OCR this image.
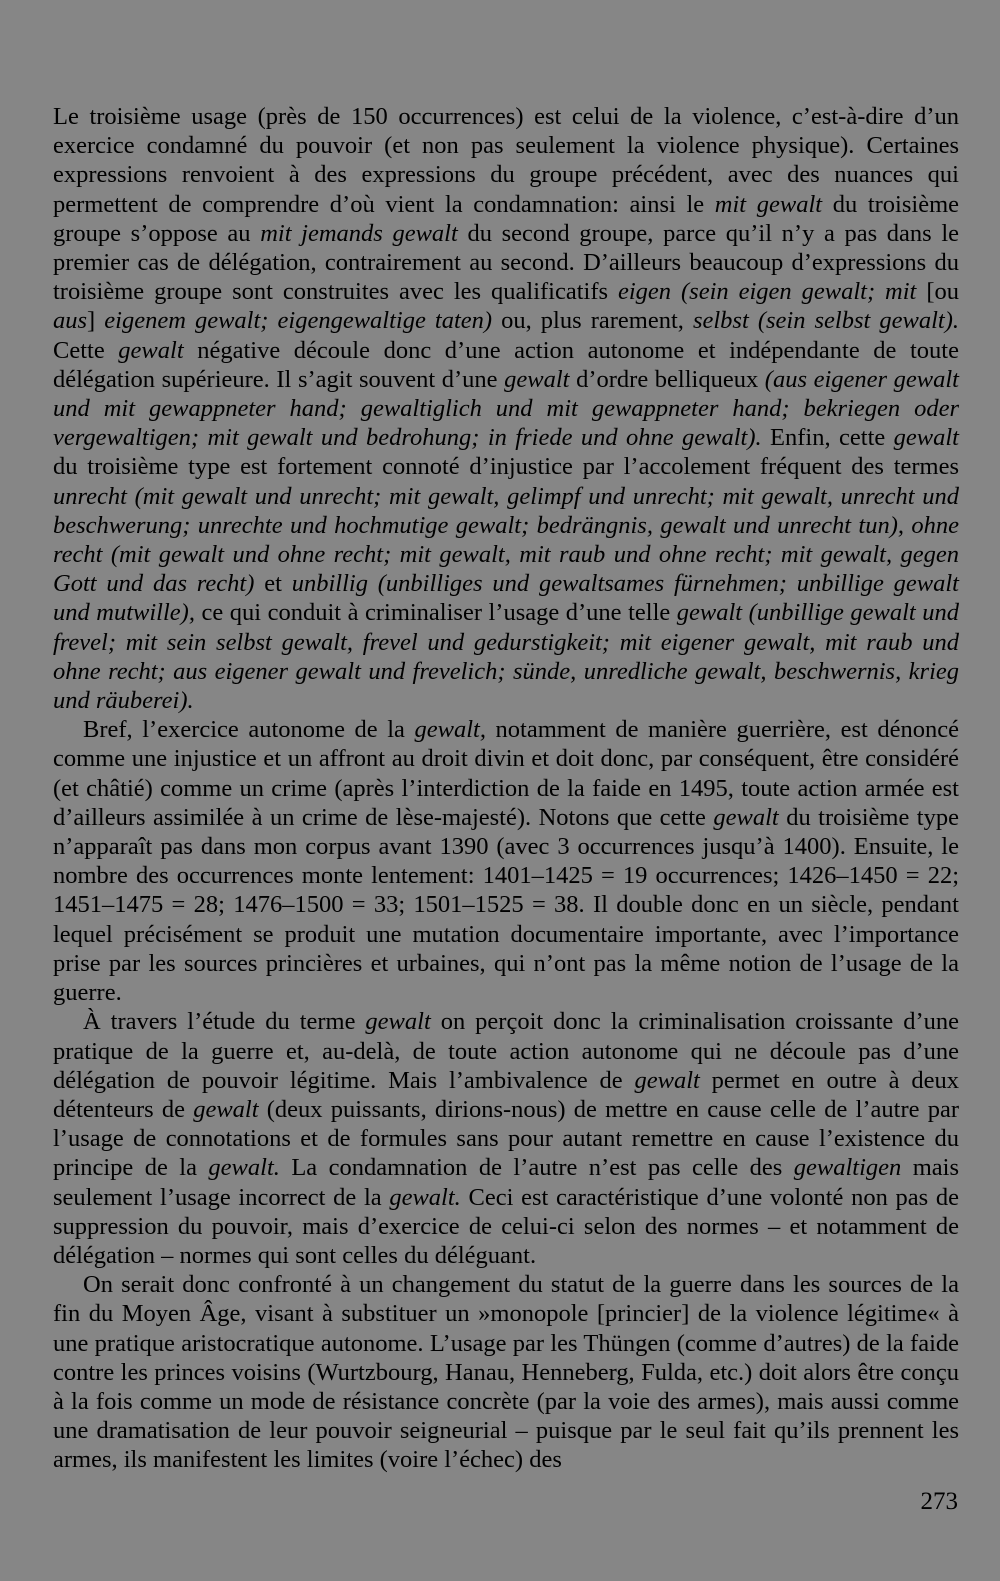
Le troisième usage (près de 150 occurrences) est celui de la violence, c’est-à-dire d’un exercice condamné du pouvoir (et non pas seulement la violence physique). Certaines expressions renvoient à des expressions du groupe précédent, avec des nuances qui permettent de comprendre d’où vient la condamnation: ainsi le mit gewalt du troisième groupe s’oppose au mit jemands gewalt du second groupe, parce qu’il n’y a pas dans le premier cas de délégation, contrairement au second. D’ailleurs beaucoup d’expressions du troisième groupe sont construites avec les qualificatifs eigen (sein eigen gewalt; mit [ou aus] eigenem gewalt; eigengewaltige taten) ou, plus rarement, selbst (sein selbst gewalt). Cette gewalt négative découle donc d’une action autonome et indépendante de toute délégation supérieure. Il s’agit souvent d’une gewalt d’ordre belliqueux (aus eigener gewalt und mit gewappneter hand; gewaltiglich und mit gewappneter hand; bekriegen oder vergewaltigen; mit gewalt und bedrohung; in friede und ohne gewalt). Enfin, cette gewalt du troisième type est fortement connoté d’injustice par l’accolement fréquent des termes unrecht (mit gewalt und unrecht; mit gewalt, gelimpf und unrecht; mit gewalt, unrecht und beschwerung; unrechte und hochmutige gewalt; bedrängnis, gewalt und unrecht tun), ohne recht (mit gewalt und ohne recht; mit gewalt, mit raub und ohne recht; mit gewalt, gegen Gott und das recht) et unbillig (unbilliges und gewaltsames fürnehmen; unbillige gewalt und mutwille), ce qui conduit à criminaliser l’usage d’une telle gewalt (unbillige gewalt und frevel; mit sein selbst gewalt, frevel und gedurstigkeit; mit eigener gewalt, mit raub und ohne recht; aus eigener gewalt und frevelich; sünde, unredliche gewalt, beschwernis, krieg und räuberei).

Bref, l’exercice autonome de la gewalt, notamment de manière guerrière, est dénoncé comme une injustice et un affront au droit divin et doit donc, par conséquent, être considéré (et châtié) comme un crime (après l’interdiction de la faide en 1495, toute action armée est d’ailleurs assimilée à un crime de lèse-majesté). Notons que cette gewalt du troisième type n’apparaît pas dans mon corpus avant 1390 (avec 3 occurrences jusqu’à 1400). Ensuite, le nombre des occurrences monte lentement: 1401–1425 = 19 occurrences; 1426–1450 = 22; 1451–1475 = 28; 1476–1500 = 33; 1501–1525 = 38. Il double donc en un siècle, pendant lequel précisément se produit une mutation documentaire importante, avec l’importance prise par les sources princières et urbaines, qui n’ont pas la même notion de l’usage de la guerre.

À travers l’étude du terme gewalt on perçoit donc la criminalisation croissante d’une pratique de la guerre et, au-delà, de toute action autonome qui ne découle pas d’une délégation de pouvoir légitime. Mais l’ambivalence de gewalt permet en outre à deux détenteurs de gewalt (deux puissants, dirions-nous) de mettre en cause celle de l’autre par l’usage de connotations et de formules sans pour autant remettre en cause l’existence du principe de la gewalt. La condamnation de l’autre n’est pas celle des gewaltigen mais seulement l’usage incorrect de la gewalt. Ceci est caractéristique d’une volonté non pas de suppression du pouvoir, mais d’exercice de celui-ci selon des normes – et notamment de délégation – normes qui sont celles du déléguant.

On serait donc confronté à un changement du statut de la guerre dans les sources de la fin du Moyen Âge, visant à substituer un »monopole [princier] de la violence légitime« à une pratique aristocratique autonome. L’usage par les Thüngen (comme d’autres) de la faide contre les princes voisins (Wurtzbourg, Hanau, Henneberg, Fulda, etc.) doit alors être conçu à la fois comme un mode de résistance concrète (par la voie des armes), mais aussi comme une dramatisation de leur pouvoir seigneurial – puisque par le seul fait qu’ils prennent les armes, ils manifestent les limites (voire l’échec) des

273
